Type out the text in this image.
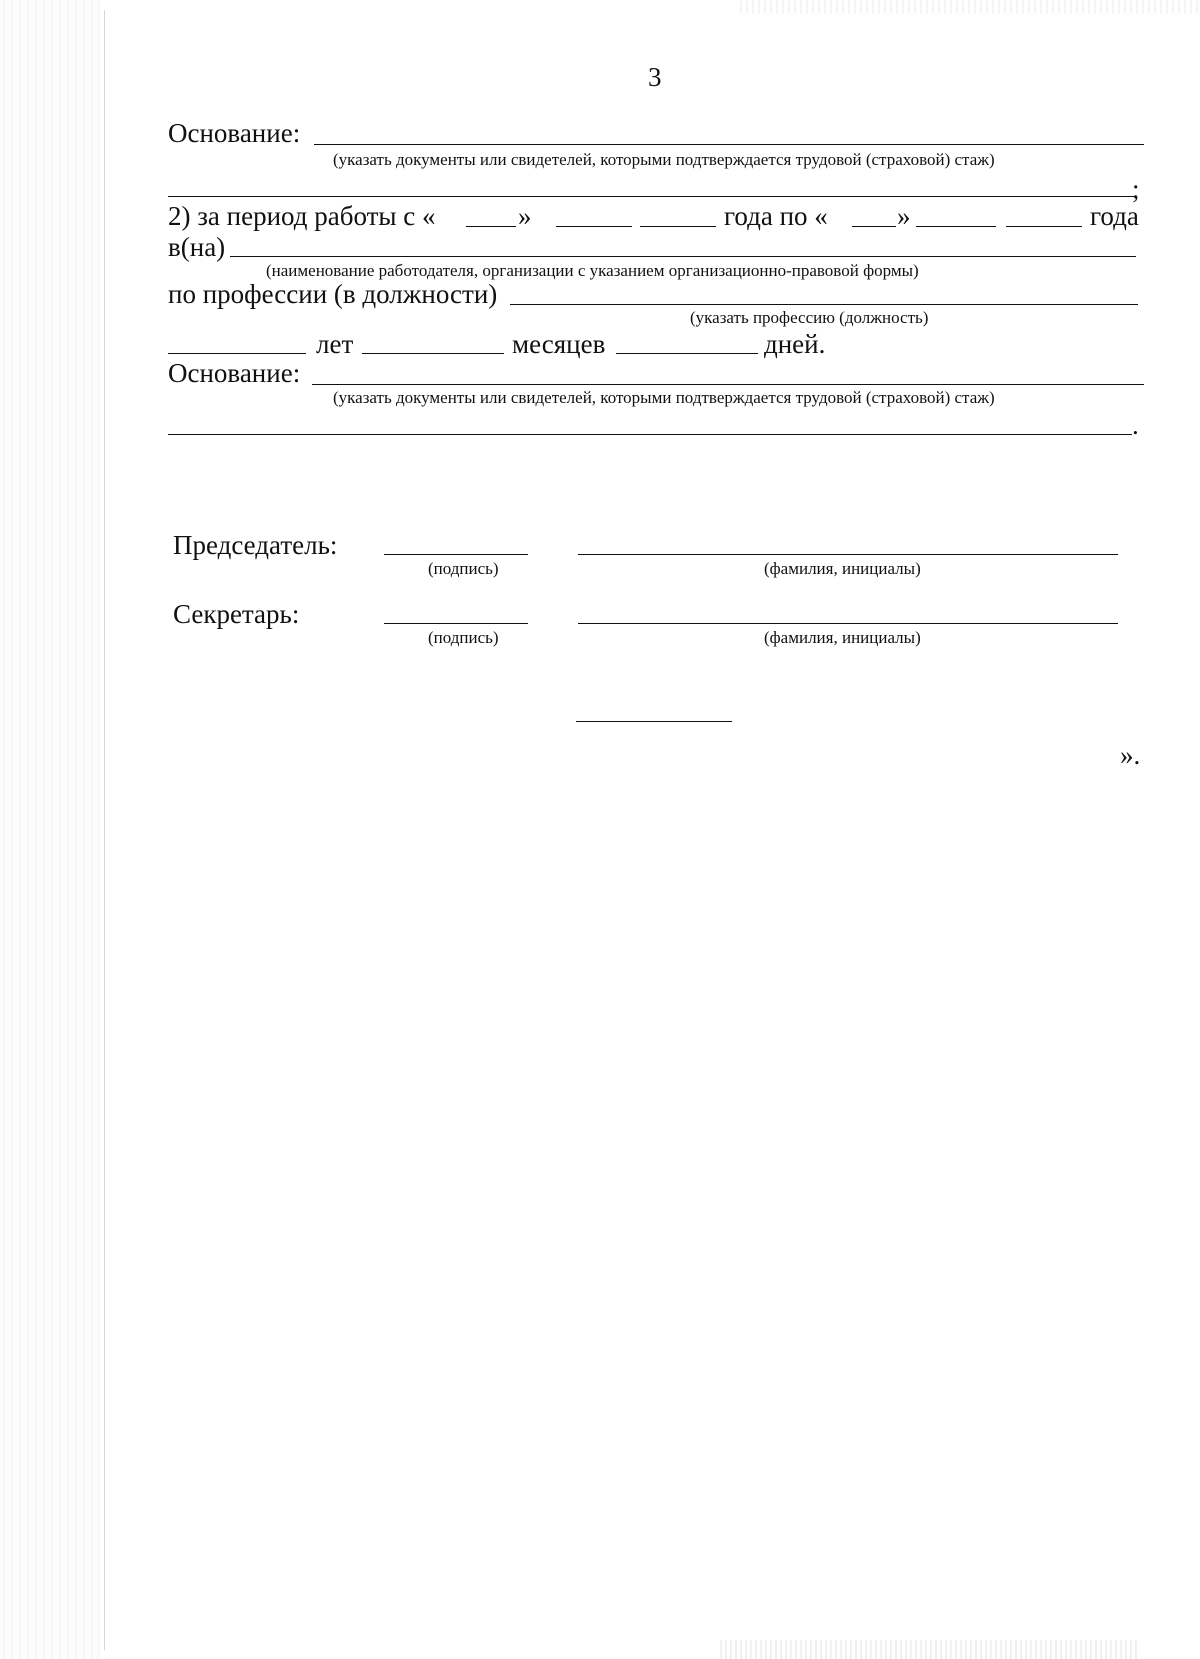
3
Основание:
(указать документы или свидетелей, которыми подтверждается трудовой (страховой) стаж)
;
2) за период работы с «	»	года по «	»	года
в(на)
(наименование работодателя, организации с указанием организационно-правовой формы)
по профессии (в должности)
(указать профессию (должность)
лет	месяцев	дней.
Основание:
(указать документы или свидетелей, которыми подтверждается трудовой (страховой) стаж)
.
Председатель:
(подпись)	(фамилия, инициалы)
Секретарь:
(подпись)	(фамилия, инициалы)
».
